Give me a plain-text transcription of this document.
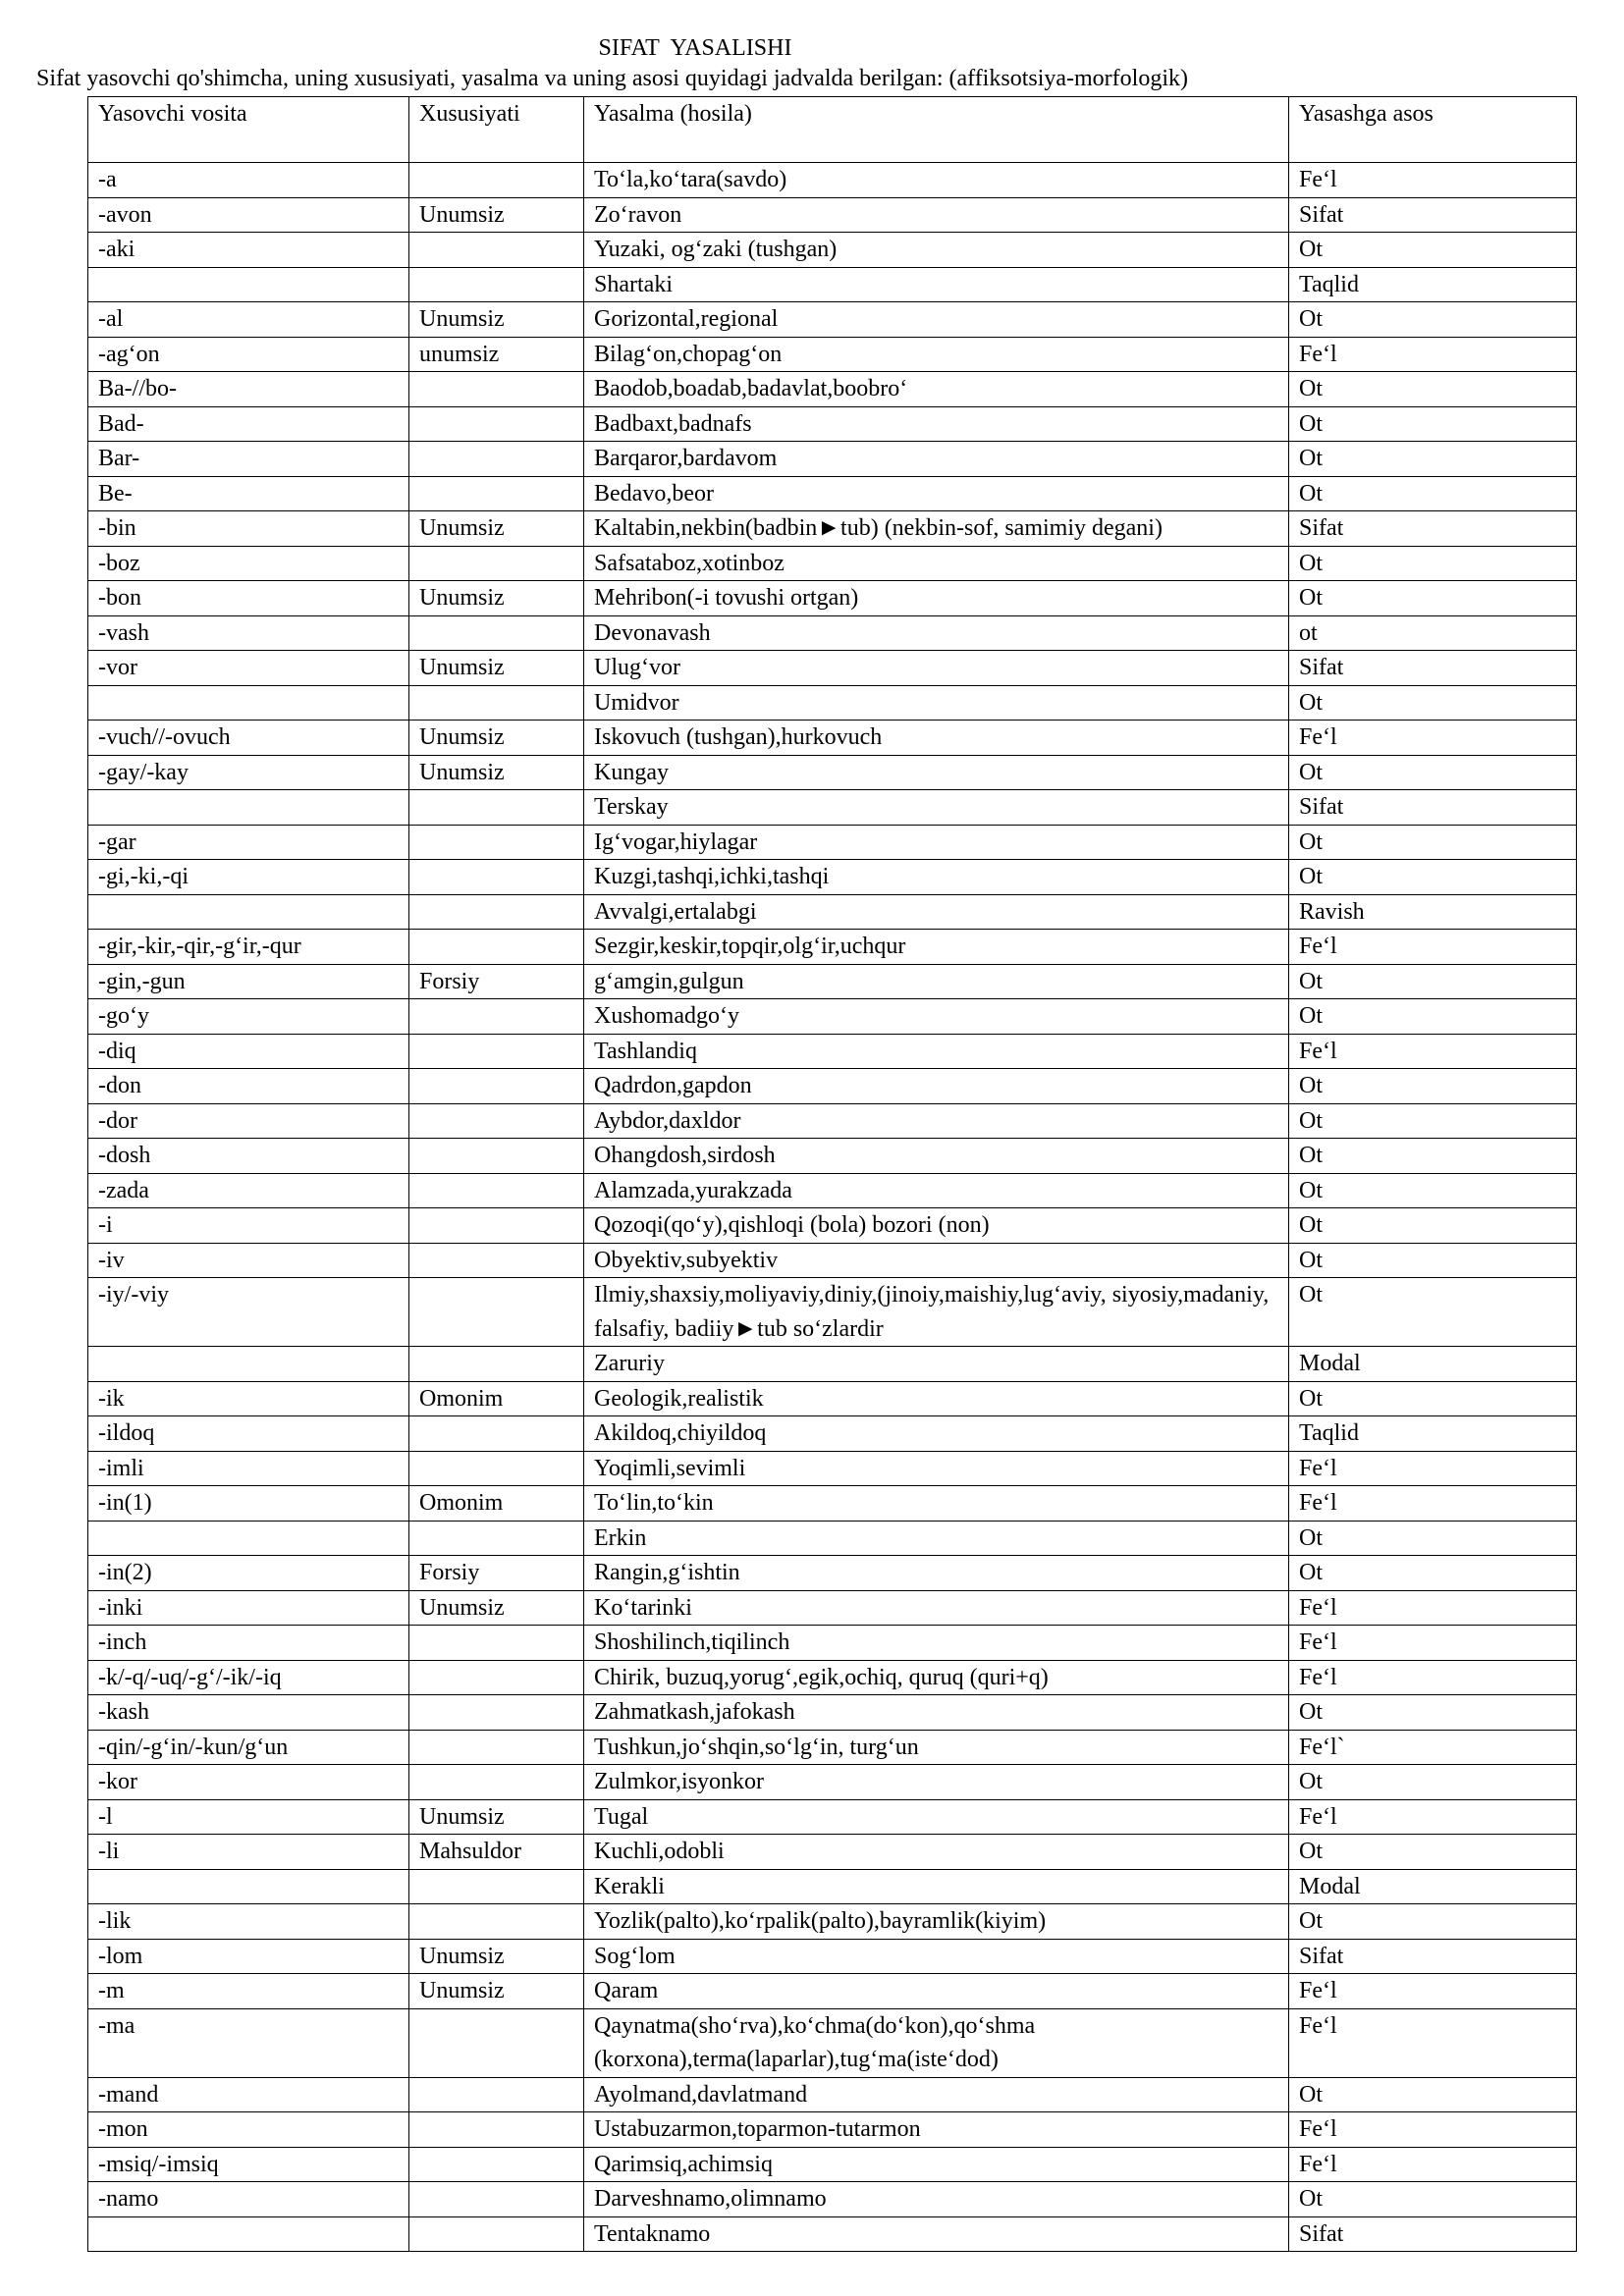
SIFAT  YASALISHI
Sifat yasovchi qo'shimcha, uning xususiyati, yasalma va uning asosi quyidagi jadvalda berilgan: (affiksotsiya-morfologik)
Yasovchi vosita	Xususiyati	Yasalma (hosila)	Yasashga asos
-a		To‘la,ko‘tara(savdo)	Fe‘l
-avon	Unumsiz	Zo‘ravon	Sifat
-aki		Yuzaki, og‘zaki (tushgan)	Ot
		Shartaki	Taqlid
-al	Unumsiz	Gorizontal,regional	Ot
-ag‘on	unumsiz	Bilag‘on,chopag‘on	Fe‘l
Ba-//bo-		Baodob,boadab,badavlat,boobro‘	Ot
Bad-		Badbaxt,badnafs	Ot
Bar-		Barqaror,bardavom	Ot
Be-		Bedavo,beor	Ot
-bin	Unumsiz	Kaltabin,nekbin(badbin►tub) (nekbin-sof, samimiy degani)	Sifat
-boz		Safsataboz,xotinboz	Ot
-bon	Unumsiz	Mehribon(-i tovushi ortgan)	Ot
-vash		Devonavash	ot
-vor	Unumsiz	Ulug‘vor	Sifat
		Umidvor	Ot
-vuch//-ovuch	Unumsiz	Iskovuch (tushgan),hurkovuch	Fe‘l
-gay/-kay	Unumsiz	Kungay	Ot
		Terskay	Sifat
-gar		Ig‘vogar,hiylagar	Ot
-gi,-ki,-qi		Kuzgi,tashqi,ichki,tashqi	Ot
		Avvalgi,ertalabgi	Ravish
-gir,-kir,-qir,-g‘ir,-qur		Sezgir,keskir,topqir,olg‘ir,uchqur	Fe‘l
-gin,-gun	Forsiy	g‘amgin,gulgun	Ot
-go‘y		Xushomadgo‘y	Ot
-diq		Tashlandiq	Fe‘l
-don		Qadrdon,gapdon	Ot
-dor		Aybdor,daxldor	Ot
-dosh		Ohangdosh,sirdosh	Ot
-zada		Alamzada,yurakzada	Ot
-i		Qozoqi(qo‘y),qishloqi (bola) bozori (non)	Ot
-iv		Obyektiv,subyektiv	Ot
-iy/-viy		Ilmiy,shaxsiy,moliyaviy,diniy,(jinoiy,maishiy,lug‘aviy, siyosiy,madaniy, falsafiy, badiiy►tub so‘zlardir	Ot
		Zaruriy	Modal
-ik	Omonim	Geologik,realistik	Ot
-ildoq		Akildoq,chiyildoq	Taqlid
-imli		Yoqimli,sevimli	Fe‘l
-in(1)	Omonim	To‘lin,to‘kin	Fe‘l
		Erkin	Ot
-in(2)	Forsiy	Rangin,g‘ishtin	Ot
-inki	Unumsiz	Ko‘tarinki	Fe‘l
-inch		Shoshilinch,tiqilinch	Fe‘l
-k/-q/-uq/-g‘/-ik/-iq		Chirik, buzuq,yorug‘,egik,ochiq, quruq (quri+q)	Fe‘l
-kash		Zahmatkash,jafokash	Ot
-qin/-g‘in/-kun/g‘un		Tushkun,jo‘shqin,so‘lg‘in, turg‘un	Fe‘l`
-kor		Zulmkor,isyonkor	Ot
-l	Unumsiz	Tugal	Fe‘l
-li	Mahsuldor	Kuchli,odobli	Ot
		Kerakli	Modal
-lik		Yozlik(palto),ko‘rpalik(palto),bayramlik(kiyim)	Ot
-lom	Unumsiz	Sog‘lom	Sifat
-m	Unumsiz	Qaram	Fe‘l
-ma		Qaynatma(sho‘rva),ko‘chma(do‘kon),qo‘shma (korxona),terma(laparlar),tug‘ma(iste‘dod)	Fe‘l
-mand		Ayolmand,davlatmand	Ot
-mon		Ustabuzarmon,toparmon-tutarmon	Fe‘l
-msiq/-imsiq		Qarimsiq,achimsiq	Fe‘l
-namo		Darveshnamo,olimnamo	Ot
		Tentaknamo	Sifat
